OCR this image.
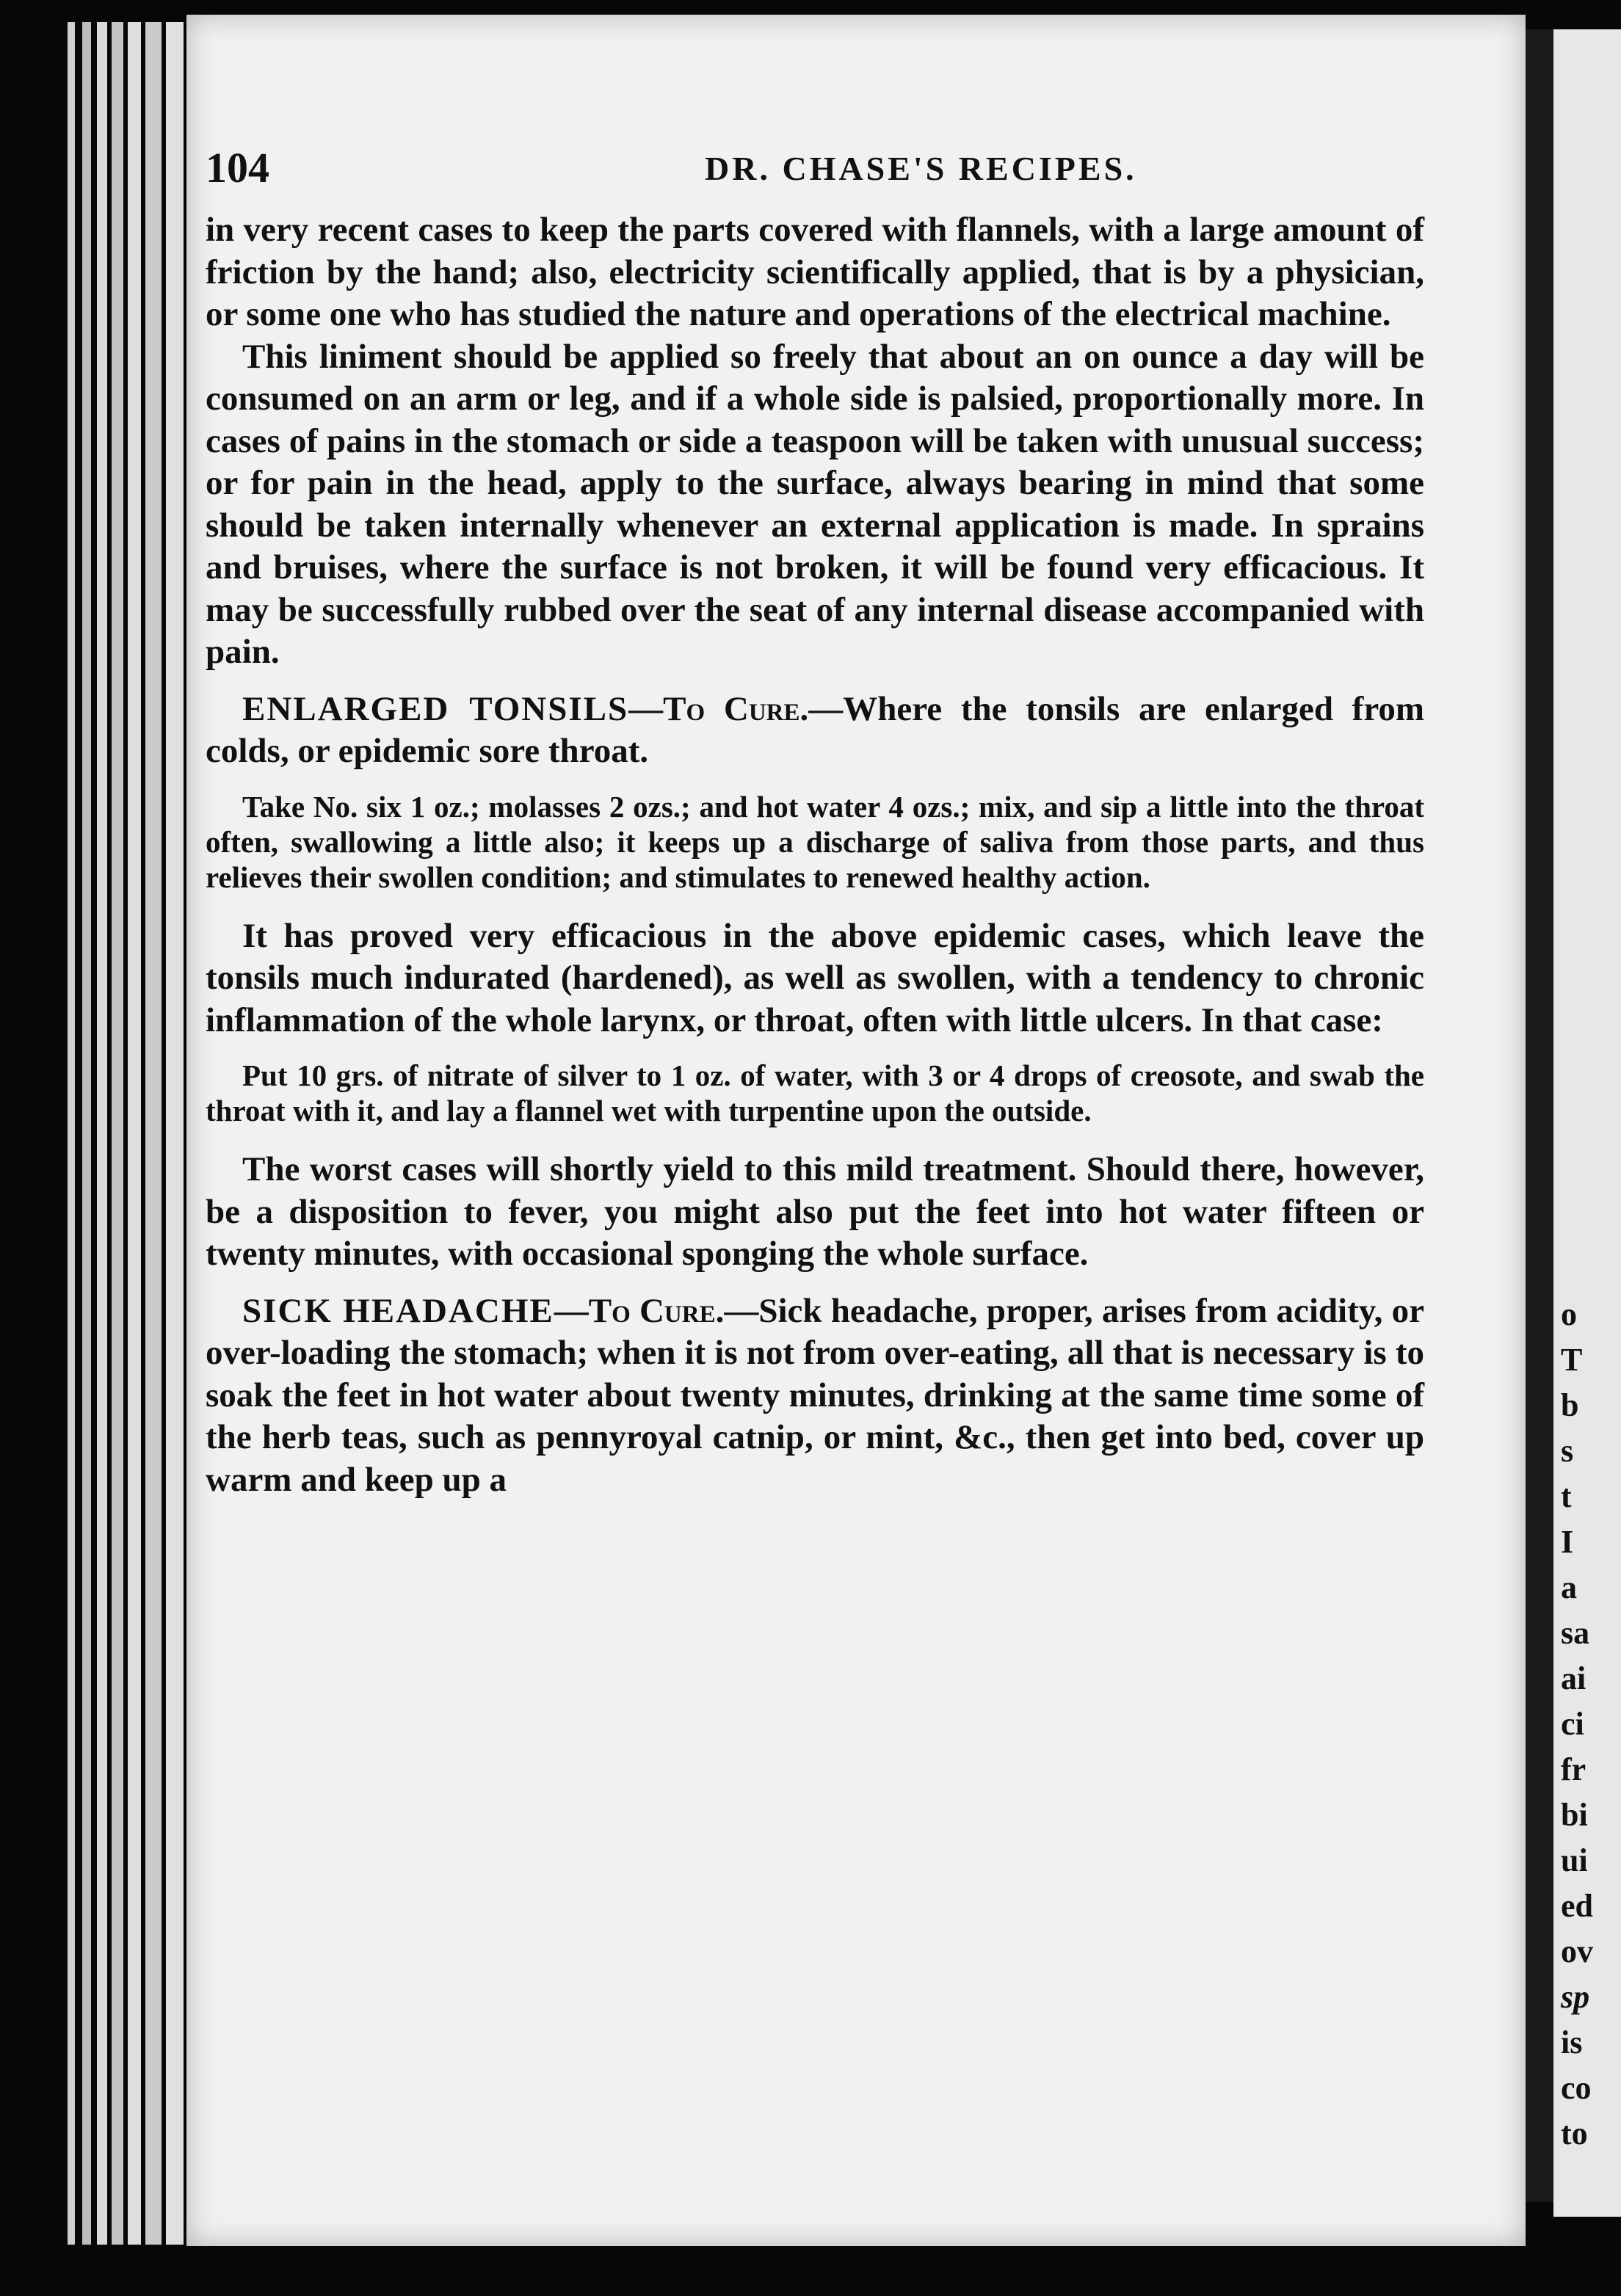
o
T
b
s
t
I
a
sa
ai
ci
fr
bi
ui
ed
ov
sp
is
co
to
104	DR. CHASE'S RECIPES.

in very recent cases to keep the parts covered with flannels, with a large amount of friction by the hand; also, electricity scientifically applied, that is by a physician, or some one who has studied the nature and operations of the electrical machine.

This liniment should be applied so freely that about an on ounce a day will be consumed on an arm or leg, and if a whole side is palsied, proportionally more. In cases of pains in the stomach or side a teaspoon will be taken with unusual success; or for pain in the head, apply to the surface, always bearing in mind that some should be taken internally whenever an external application is made. In sprains and bruises, where the surface is not broken, it will be found very efficacious. It may be successfully rubbed over the seat of any internal disease accompanied with pain.

ENLARGED TONSILS—To Cure.—Where the tonsils are enlarged from colds, or epidemic sore throat.

Take No. six 1 oz.; molasses 2 ozs.; and hot water 4 ozs.; mix, and sip a little into the throat often, swallowing a little also; it keeps up a discharge of saliva from those parts, and thus relieves their swollen condition; and stimulates to renewed healthy action.

It has proved very efficacious in the above epidemic cases, which leave the tonsils much indurated (hardened), as well as swollen, with a tendency to chronic inflammation of the whole larynx, or throat, often with little ulcers. In that case:

Put 10 grs. of nitrate of silver to 1 oz. of water, with 3 or 4 drops of creosote, and swab the throat with it, and lay a flannel wet with turpentine upon the outside.

The worst cases will shortly yield to this mild treatment. Should there, however, be a disposition to fever, you might also put the feet into hot water fifteen or twenty minutes, with occasional sponging the whole surface.

SICK HEADACHE—To Cure.—Sick headache, proper, arises from acidity, or over-loading the stomach; when it is not from over-eating, all that is necessary is to soak the feet in hot water about twenty minutes, drinking at the same time some of the herb teas, such as pennyroyal catnip, or mint, &c., then get into bed, cover up warm and keep up a
